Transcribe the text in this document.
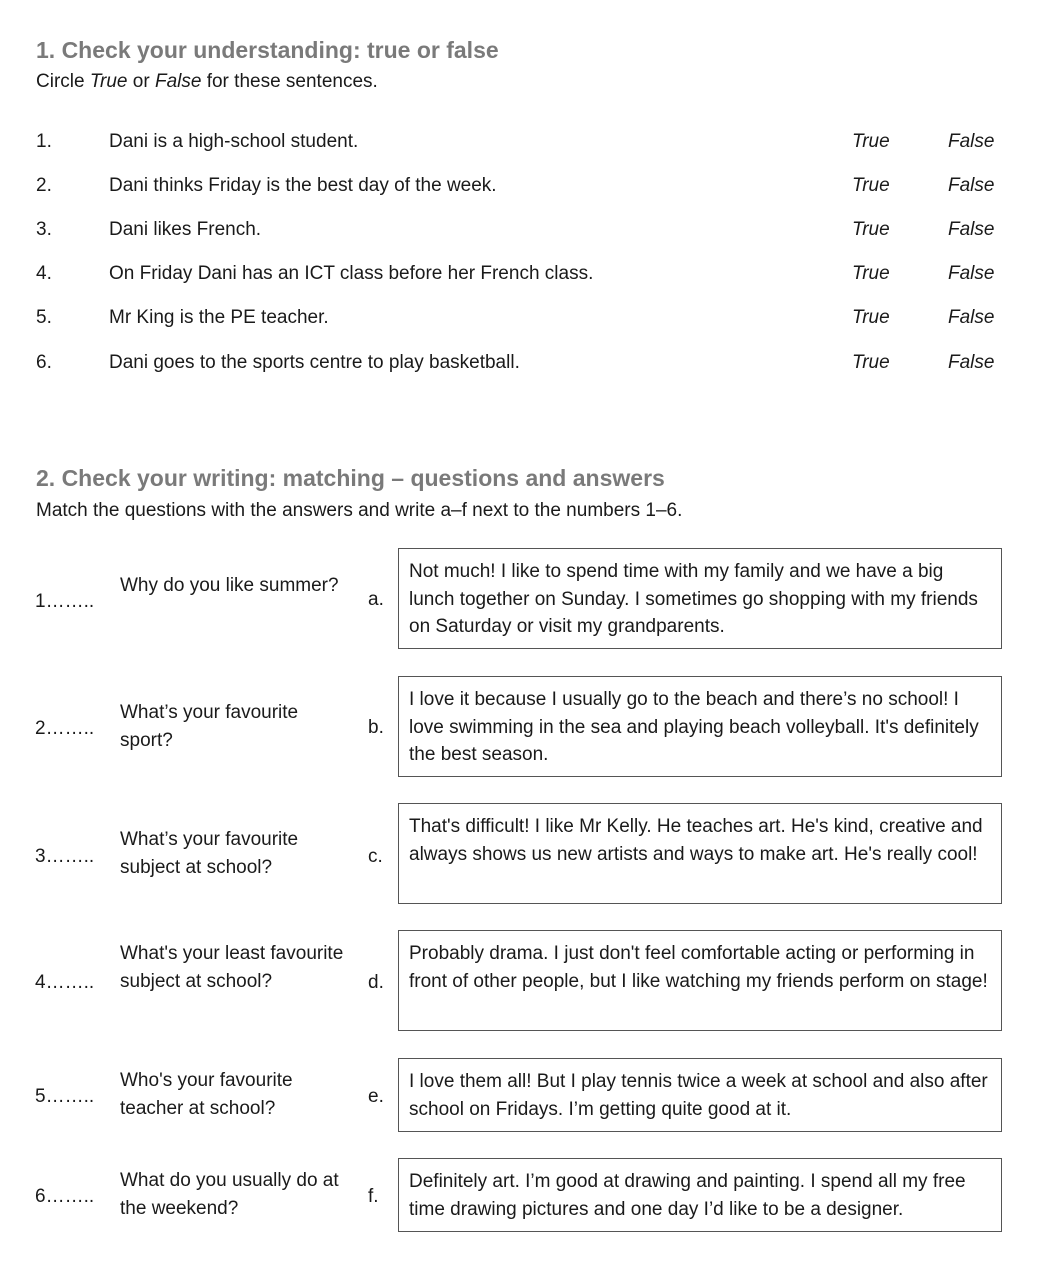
1. Check your understanding: true or false

Circle True or False for these sentences.

1.	Dani is a high-school student.	True	False
2.	Dani thinks Friday is the best day of the week.	True	False
3.	Dani likes French.	True	False
4.	On Friday Dani has an ICT class before her French class.	True	False
5.	Mr King is the PE teacher.	True	False
6.	Dani goes to the sports centre to play basketball.	True	False
2. Check your writing: matching – questions and answers

Match the questions with the answers and write a–f next to the numbers 1–6.

1……..
Why do you like summer?
a.
Not much! I like to spend time with my family and we have a big lunch together on Sunday. I sometimes go shopping with my friends on Saturday or visit my grandparents.
2……..
What’s your favourite sport?
b.
I love it because I usually go to the beach and there’s no school! I love swimming in the sea and playing beach volleyball. It's definitely the best season.
3……..
What’s your favourite subject at school?	c.
That's difficult! I like Mr Kelly. He teaches art. He's kind, creative and always shows us new artists and ways to make art. He's really cool!
4……..
What's your least favourite subject at school?	d.
Probably drama. I just don't feel comfortable acting or performing in front of other people, but I like watching my friends perform on stage!
5……..
Who's your favourite teacher at school?
e.
I love them all! But I play tennis twice a week at school and also after school on Fridays. I’m getting quite good at it.
6……..
What do you usually do at the weekend?
f.
Definitely art. I’m good at drawing and painting. I spend all my free time drawing pictures and one day I’d like to be a designer.
